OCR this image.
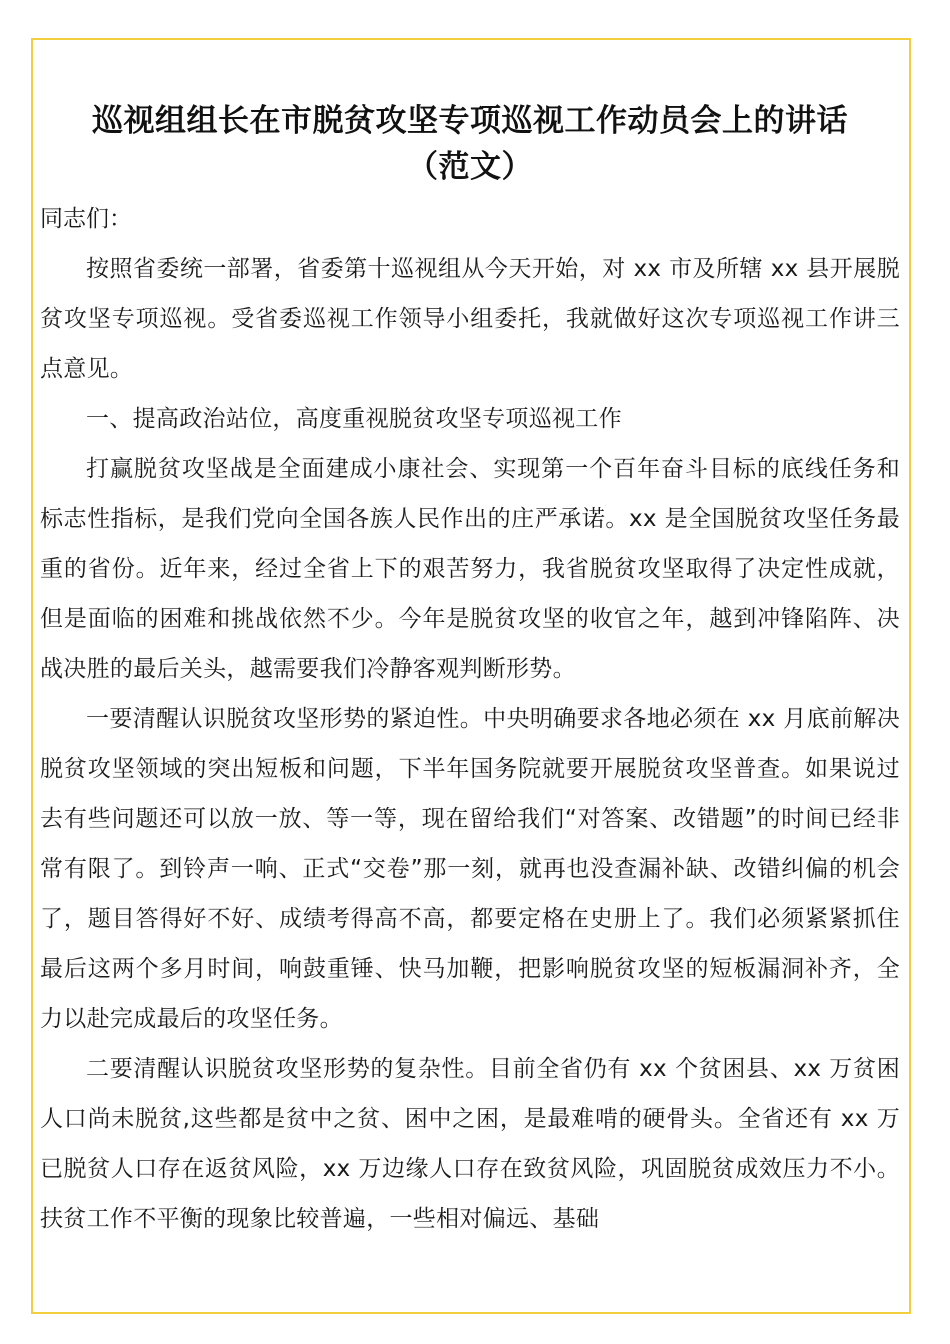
巡视组组长在市脱贫攻坚专项巡视工作动员会上的讲话
（范文）

同志们：

按照省委统一部署，省委第十巡视组从今天开始，对 xx 市及所辖 xx 县开展脱贫攻坚专项巡视。受省委巡视工作领导小组委托，我就做好这次专项巡视工作讲三点意见。

一、提高政治站位，高度重视脱贫攻坚专项巡视工作

打赢脱贫攻坚战是全面建成小康社会、实现第一个百年奋斗目标的底线任务和标志性指标，是我们党向全国各族人民作出的庄严承诺。xx 是全国脱贫攻坚任务最重的省份。近年来，经过全省上下的艰苦努力，我省脱贫攻坚取得了决定性成就，但是面临的困难和挑战依然不少。今年是脱贫攻坚的收官之年，越到冲锋陷阵、决战决胜的最后关头，越需要我们冷静客观判断形势。

一要清醒认识脱贫攻坚形势的紧迫性。中央明确要求各地必须在 xx 月底前解决脱贫攻坚领域的突出短板和问题，下半年国务院就要开展脱贫攻坚普查。如果说过去有些问题还可以放一放、等一等，现在留给我们“对答案、改错题”的时间已经非常有限了。到铃声一响、正式“交卷”那一刻，就再也没查漏补缺、改错纠偏的机会了，题目答得好不好、成绩考得高不高，都要定格在史册上了。我们必须紧紧抓住最后这两个多月时间，响鼓重锤、快马加鞭，把影响脱贫攻坚的短板漏洞补齐，全力以赴完成最后的攻坚任务。

二要清醒认识脱贫攻坚形势的复杂性。目前全省仍有 xx 个贫困县、xx 万贫困人口尚未脱贫,这些都是贫中之贫、困中之困，是最难啃的硬骨头。全省还有 xx 万已脱贫人口存在返贫风险，xx 万边缘人口存在致贫风险，巩固脱贫成效压力不小。扶贫工作不平衡的现象比较普遍，一些相对偏远、基础
